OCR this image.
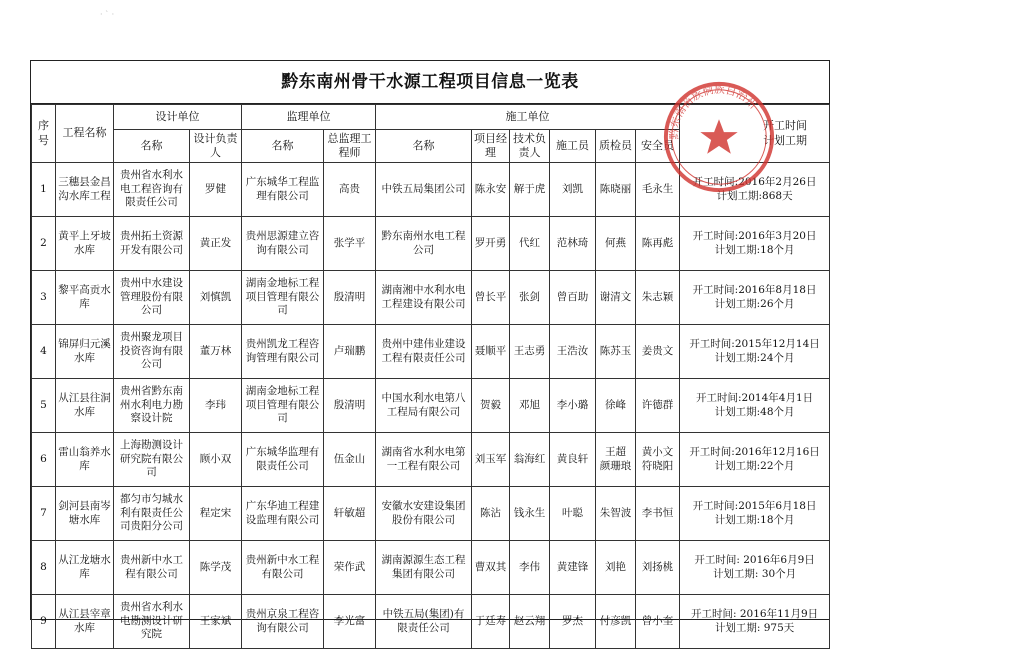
· ` ·
黔东南州骨干水源工程项目信息一览表
序号	工程名称	设计单位		监理单位		施工单位						开工时间
计划工期
		名称	设计负责人	名称	总监理工程师	名称	项目经理	技术负责人	施工员	质检员	安全员	
1	三穗县金昌沟水库工程	贵州省水利水电工程咨询有限责任公司	罗健	广东城华工程监理有限公司	高贵	中铁五局集团公司	陈永安	解于虎	刘凯	陈晓丽	毛永生	开工时间:2016年2月26日
计划工期:868天
2	黄平上牙坡水库	贵州拓土资源开发有限公司	黄正发	贵州思源建立咨询有限公司	张学平	黔东南州水电工程公司	罗开勇	代红	范林琦	何燕	陈再彪	开工时间:2016年3月20日
计划工期:18个月
3	黎平高贡水库	贵州中水建设管理股份有限公司	刘慎凯	湖南金地标工程项目管理有限公司	殷清明	湖南湘中水利水电工程建设有限公司	曾长平	张剑	曾百助	谢清文	朱志颖	开工时间:2016年8月18日
计划工期:26个月
4	锦屏归元溪水库	贵州聚龙项目投资咨询有限公司	董万林	贵州凯龙工程咨询管理有限公司	卢瑞鹏	贵州中建伟业建设工程有限责任公司	聂顺平	王志勇	王浩汝	陈苏玉	姜贵文	开工时间:2015年12月14日
计划工期:24个月
5	从江县往洞水库	贵州省黔东南州水利电力勘察设计院	李玮	湖南金地标工程项目管理有限公司	殷清明	中国水利水电第八工程局有限公司	贺毅	邓旭	李小璐	徐峰	许德群	开工时间:2014年4月1日
计划工期:48个月
6	雷山翁养水库	上海勘测设计研究院有限公司	顾小双	广东城华监理有限责任公司	伍金山	湖南省水利水电第一工程有限公司	刘玉军	翁海红	黄良轩	王超
颜珊琅	黄小文
符晓阳	开工时间:2016年12月16日
计划工期:22个月
7	剑河县南岑塘水库	都匀市匀城水利有限责任公司贵阳分公司	程定宋	广东华迪工程建设监理有限公司	轩敏超	安徽水安建设集团股份有限公司	陈沾	钱永生	叶聪	朱智波	李书恒	开工时间:2015年6月18日
计划工期:18个月
8	从江龙塘水库	贵州新中水工程有限公司	陈学茂	贵州新中水工程有限公司	荣作武	湖南源源生态工程集团有限公司	曹双其	李伟	黄建锋	刘艳	刘扬桃	开工时间: 2016年6月9日
计划工期: 30个月
9	从江县宰章水库	贵州省水利水电勘测设计研究院	王家斌	贵州京泉工程咨询有限公司	李光富	中铁五局(集团)有限责任公司	于廷寿	赵云翔	罗杰	付彦凯	曾小奎	开工时间: 2016年11月9日
计划工期: 975天
黔东南苗族侗族自治州
